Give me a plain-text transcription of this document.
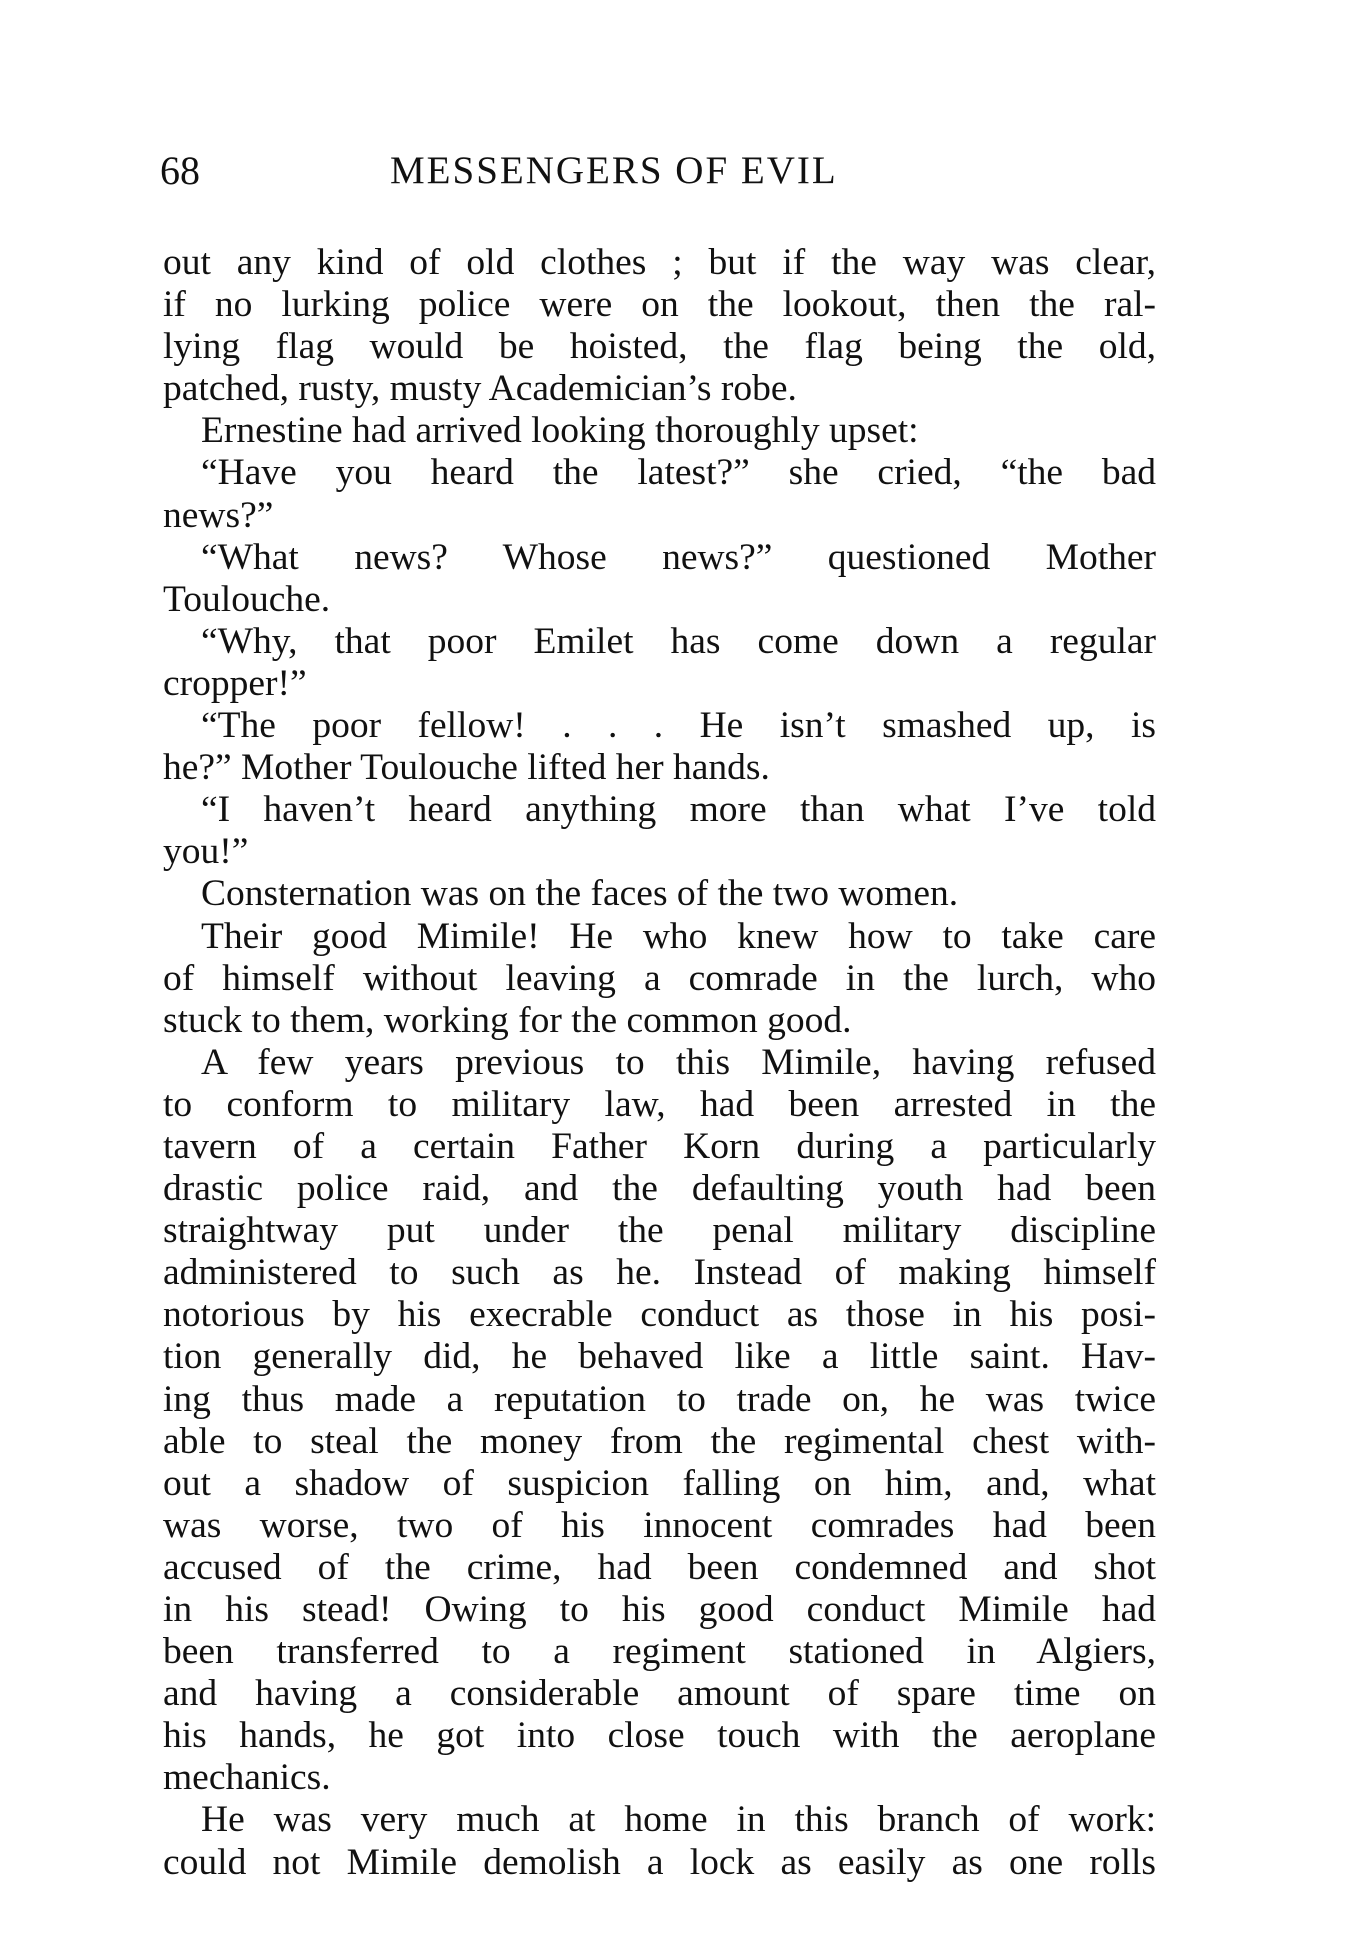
68	MESSENGERS OF EVIL
out any kind of old clothes ; but if the way was clear,
if no lurking police were on the lookout, then the ral-
lying flag would be hoisted, the flag being the old,
patched, rusty, musty Academician’s robe.
Ernestine had arrived looking thoroughly upset:
“Have you heard the latest?” she cried, “the bad
news?”
“What news? Whose news?” questioned Mother
Toulouche.
“Why, that poor Emilet has come down a regular
cropper!”
“The poor fellow! . . . He isn’t smashed up, is
he?” Mother Toulouche lifted her hands.
“I haven’t heard anything more than what I’ve told
you!”
Consternation was on the faces of the two women.
Their good Mimile! He who knew how to take care
of himself without leaving a comrade in the lurch, who
stuck to them, working for the common good.
A few years previous to this Mimile, having refused
to conform to military law, had been arrested in the
tavern of a certain Father Korn during a particularly
drastic police raid, and the defaulting youth had been
straightway put under the penal military discipline
administered to such as he. Instead of making himself
notorious by his execrable conduct as those in his posi-
tion generally did, he behaved like a little saint. Hav-
ing thus made a reputation to trade on, he was twice
able to steal the money from the regimental chest with-
out a shadow of suspicion falling on him, and, what
was worse, two of his innocent comrades had been
accused of the crime, had been condemned and shot
in his stead! Owing to his good conduct Mimile had
been transferred to a regiment stationed in Algiers,
and having a considerable amount of spare time on
his hands, he got into close touch with the aeroplane
mechanics.
He was very much at home in this branch of work:
could not Mimile demolish a lock as easily as one rolls
